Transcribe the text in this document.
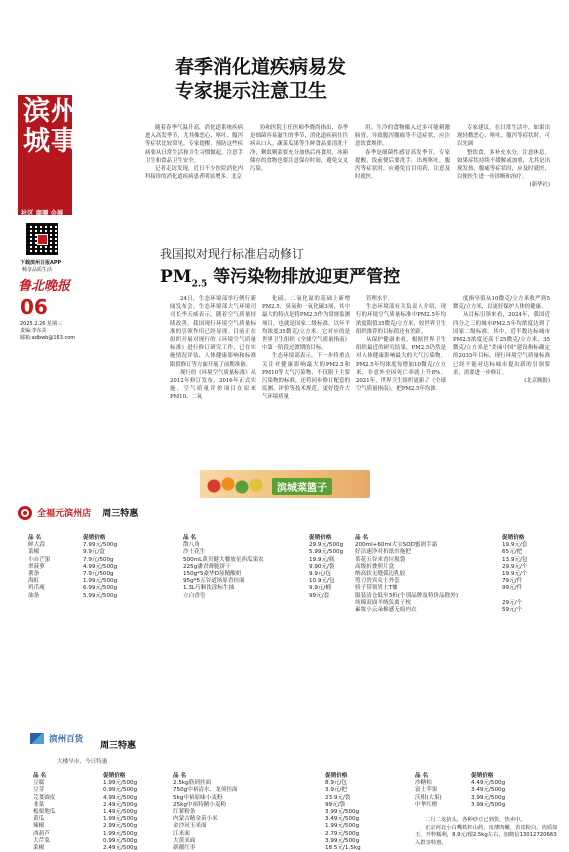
滨州
城事
社区 商圈 会展
下载滨州日报APP
畅享品质生活
鲁北晚报
06
2025.2.26 星期三
责编:李东美
邮箱:adbwb@163.com
春季消化道疾病易发
专家提示注意卫生

随着春季气温升高，消化道系统疾病进入高发季节，尤其像恶心、呕吐、腹泻等症状比较常见。专家提醒，预防这些疾病要从日常生活和卫生习惯做起，注意手卫生和食品卫生安全。

记者走访发现，近日不少医院消化内科接诊的消化道疾病患者明显增多。北京

协和医院主任医师李晓尚指出，春季是细菌容易滋生的季节，消化道疾病往往病从口入。蔬菜瓜果等生鲜食品要清洗干净，剩饭剩菜要充分加热后再食用，冰箱储存的食物也要注意保存时间，避免交叉污染。

用。生冷的食物摄入过多可能刺激肠胃，导致腹泻腹痛等不适症状，应注意饮食规律。

春季是细菌性感冒高发季节。专家提醒，饭前便后要洗手，出现呕吐、腹泻等症状时，应避免盲目用药，注意及时就医。

专家建议，在日常生活中，如果出现轻微恶心、呕吐、腹泻等症状时，可以先调

整饮食，多补充水分，注意休息。如果症状持续不缓解或加重，尤其是出现发热、腹痛等症状时，应及时就医，以便医生进一步诊断和治疗。

(新华社)

我国拟对现行标准启动修订
$PM_{2.5}$ 等污染物排放迎更严管控

24日，生态环境部举行例行新闻发布会。生态环境部大气环境司司长李天威表示，随着空气质量持续改善，我国现行环境空气质量标准的引领作用已经显现。目前正在组织开展对现行的《环境空气质量标准》进行修订研究工作，已在实施情况评估、人体健康影响和标准限值修订等方面开展了前期准备。

现行的《环境空气质量标准》从2012年修订发布，2016年正式实施。空气质量评价项目在原来PM10、二氧

化硫、二氧化氮的基础上新增PM2.5、臭氧和一氧化碳3项，其中最大的特点是将PM2.5作为常规监测项目，也就是国家二级标准。以年平均浓度35微克/立方米。它对应的是世界卫生组织《全球空气质量指南》中第一阶段过渡期的目标。

生态环境部表示，下一步将重点关注对健康影响最大的PM2.5和PM10等大气污染物，不仅限于主要污染物的标准，还将同步修订配套的监测、评价等技术规范，更好提升大气环境质量

管理水平。

生态环境部有关负责人介绍，现行的环境空气质量标准中PM2.5年均浓度限值35微克/立方米，较世界卫生组织推荐的目标值还有差距。

从保护健康来看，根据世界卫生组织最近的研究结果，PM2.5仍然是对人体健康影响最大的大气污染物。PM2.5年均浓度每增加10微克/立方米，非意外全因死亡率就上升8%。2021年，世界卫生组织更新了《全球空气质量指南》，把PM2.5年均浓

度指导值从10微克/立方米收严到5微克/立方米，以更好保护人体的健康。

从目标引领来看，2024年，我国近四分之三的城市PM2.5年均浓度达到了国家二级标准。其中，近半数达标城市PM2.5浓度还高于25微克/立方米，35微克/立方米是“美丽中国”建设指标确定的2035年目标。现行环境空气质量标准已经不能对达标城市提出新的引领要求，需要进一步修订。

(北京晚报)

滨城菜篮子
全福元滨州店 周三特惠
品 名	促销价格
鲜大蒜	7.99元/500g
菜椒	9.9元/盒
小台芒果	7.9元/500g
翠菠萝	4.99元/500g
薯条	7.9元/500g
海虹	1.99元/500g
鸡爪瘦	6.99元/500g
油条	5.99元/500g
品 名	促销价格
散八角	29.9元/500g
沙士花生	5.99元/500g
500mL黄贝健大餐放星西瓜果农	19.9元/瓶
225g潘君薄脆饼干	9.90元/袋
150g*5豪华D原精酸奶	9.9元/包
95g*5五谷道场原香拉面	10.9元/包
1.3L巧顺饮涂标生抽	9.9元/桶
立白香皂	99元/套
品 名	促销价格
200ml+60ml大宝SOD蜜润手霜	19.9元/套
好洁速净对折纸巾拖把	65元/把
茶花五谷米香垃圾袋	13.9元/包
高级折叠照片盒	29.9元/个
纳高软无缝弧边乳胶	19.9元/个
剪刀贵宾女士外套	79元/件
骄子带领男士T恤	99元/件
服装清仓低至3折(个别品牌及特价品除外)
纯棉双面羊绒负离子枕	29元/个
素妆小云朵棉感无痕内衣	59元/个
滨州百货
周三特惠
大楼早市，今日特惠
品 名	促销价格
豆腐	1.99元/500g
豆芽	0.99元/500g
芫荽圆皮	4.99元/500g
韭菜	2.49元/500g
板栗地瓜	1.49元/500g
黄瓜	1.99元/500g
辣椒	2.99元/500g
西葫芦	1.99元/500g
大芹菜	0.99元/500g
菜椒	2.49元/500g
品 名	促销价格
2.5kg筋到挂面	8.9元/包
750g中裕清水、龙须挂面	3.9元/把
5kg中裕原味小麦粉	23.9元/袋
25kg中裕特精小麦粉	99元/袋
红薯粉条	3.99元/500g
内蒙古精金苗小米	3.49元/500g
金沙河玉米面	1.99元/500g
江米面	2.79元/500g
大黄米面	3.99元/500g
新疆红枣	18.5元/1.5kg
品 名	促销价格
沙糖桔	4.49元/500g
富士苹果	3.49元/500g
沃柑(大果)	3.99元/500g
中华红橙	3.99元/500g

二月二龙抬头，各种炒豆已到货，热卖中。

正宗河北小白嘴铁杆山药，皮薄肉嫩，表皮粉白，肉质如玉，开秒糯利，8.9元/根2.5kg左右，加微信13012720663入群享特惠。
